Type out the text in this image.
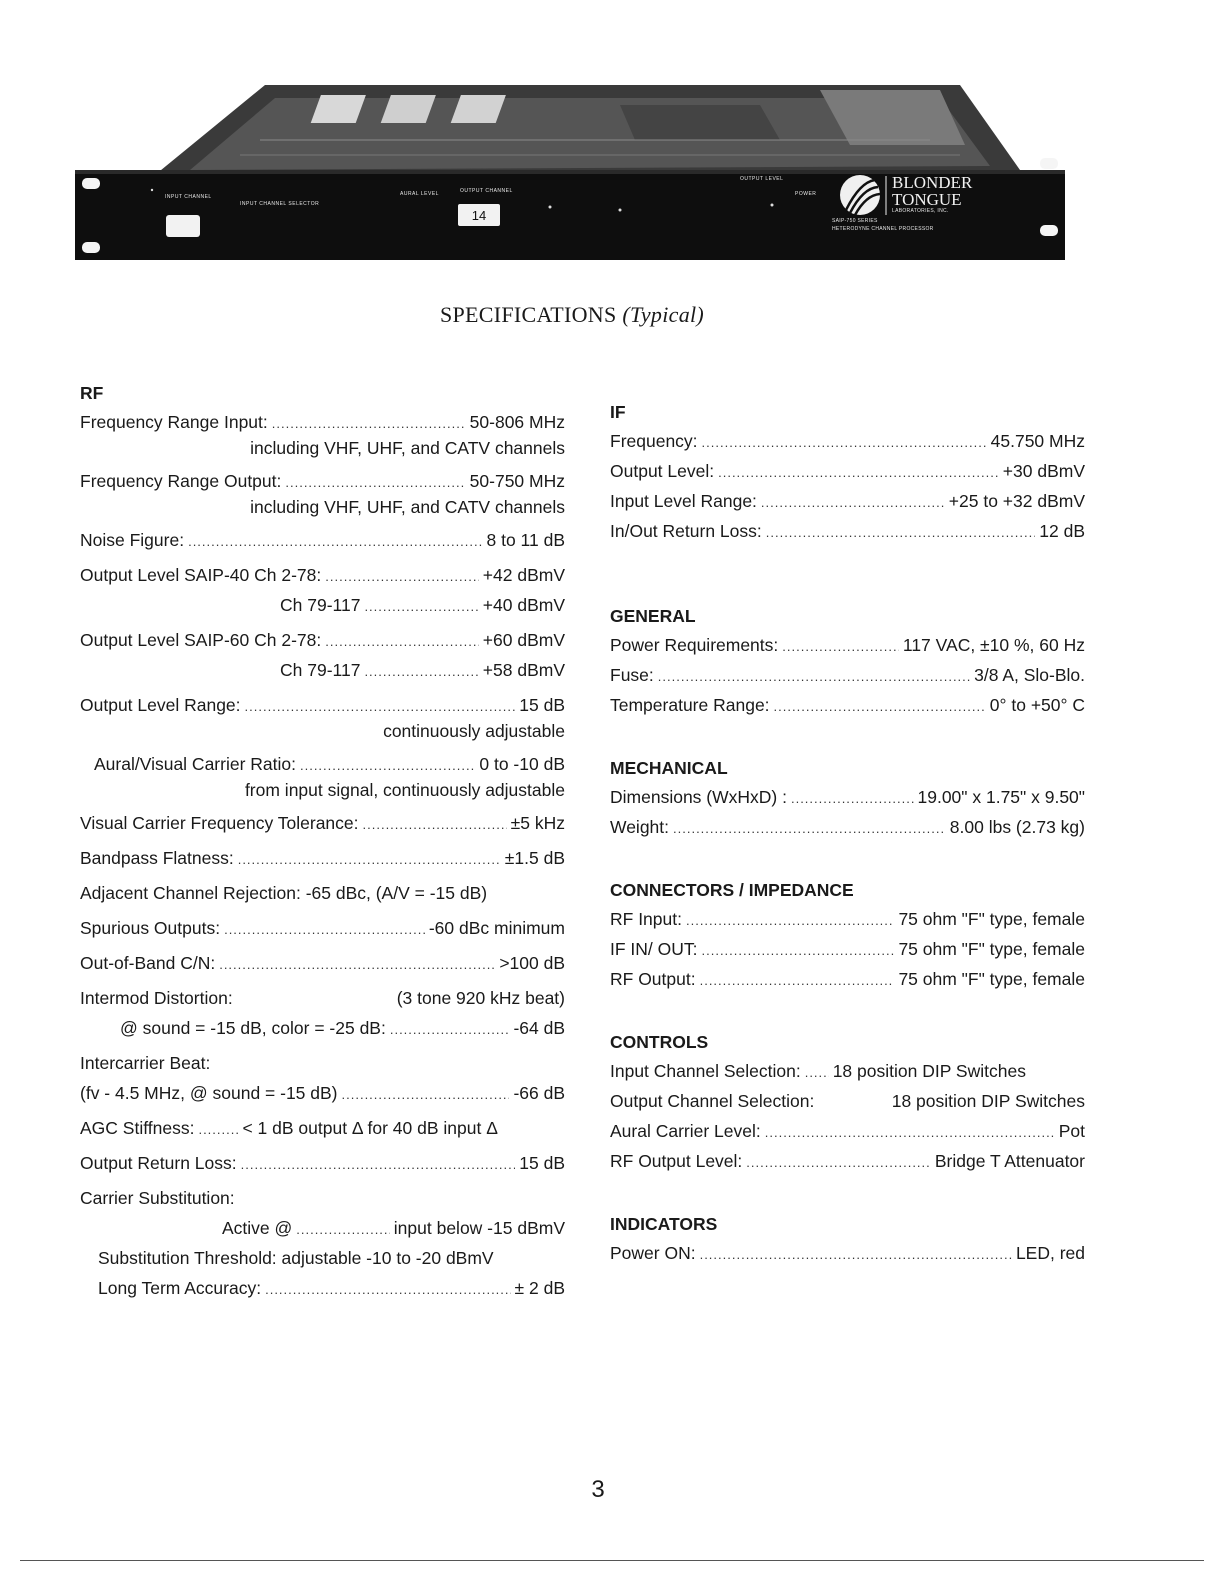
14
INPUT CHANNEL
INPUT CHANNEL SELECTOR
AURAL LEVEL	OUTPUT CHANNEL
OUTPUT LEVEL
POWER
BLONDER
TONGUE
LABORATORIES, INC.
SAIP-750 SERIES
HETERODYNE CHANNEL PROCESSOR
SPECIFICATIONS (Typical)
RF
Frequency Range Input: .....	50-806 MHz
including VHF, UHF, and CATV channels
Frequency Range Output: .....	50-750 MHz
including VHF, UHF, and CATV channels
Noise Figure: .....	8 to 11 dB
Output Level SAIP-40 Ch 2-78: .....	+42 dBmV
Ch 79-117 .....	+40 dBmV
Output Level SAIP-60 Ch 2-78: .....	+60 dBmV
Ch 79-117 .....	+58 dBmV
Output Level Range: .....	15 dB
continuously adjustable
Aural/Visual Carrier Ratio: .....	0 to -10 dB
from input signal, continuously adjustable
Visual Carrier Frequency Tolerance: .....	±5 kHz
Bandpass Flatness: .....	±1.5 dB
Adjacent Channel Rejection: -65 dBc, (A/V = -15 dB)
Spurious Outputs: .....	-60 dBc minimum
Out-of-Band C/N: .....	>100 dB
Intermod Distortion:	(3 tone 920 kHz beat)
@ sound = -15 dB, color = -25 dB: .....	-64 dB
Intercarrier Beat:
(fv - 4.5 MHz, @ sound = -15 dB) .....	-66 dB
AGC Stiffness: .....	< 1 dB output Δ for 40 dB input Δ
Output Return Loss: .....	15 dB
Carrier Substitution:
Active @ .....	input below -15 dBmV
Substitution Threshold: adjustable -10 to -20 dBmV
Long Term Accuracy: .....	± 2 dB
IF
Frequency: .....	45.750 MHz
Output Level: .....	+30 dBmV
Input Level Range: .....	+25 to +32 dBmV
In/Out Return Loss: .....	12 dB
GENERAL
Power Requirements: .....	117 VAC, ±10 %, 60 Hz
Fuse: .....	3/8 A, Slo-Blo.
Temperature Range: .....	0° to +50° C
MECHANICAL
Dimensions (WxHxD) : .....	19.00" x 1.75" x 9.50"
Weight: .....	8.00 lbs (2.73 kg)
CONNECTORS / IMPEDANCE
RF Input: .....	75 ohm "F" type, female
IF IN/ OUT: .....	75 ohm "F" type, female
RF Output: .....	75 ohm "F" type, female
CONTROLS
Input Channel Selection: ..... 18 position DIP Switches
Output Channel Selection:	18 position DIP Switches
Aural Carrier Level: .....	Pot
RF Output Level: .....	Bridge T Attenuator
INDICATORS
Power ON: .....	LED, red
3
